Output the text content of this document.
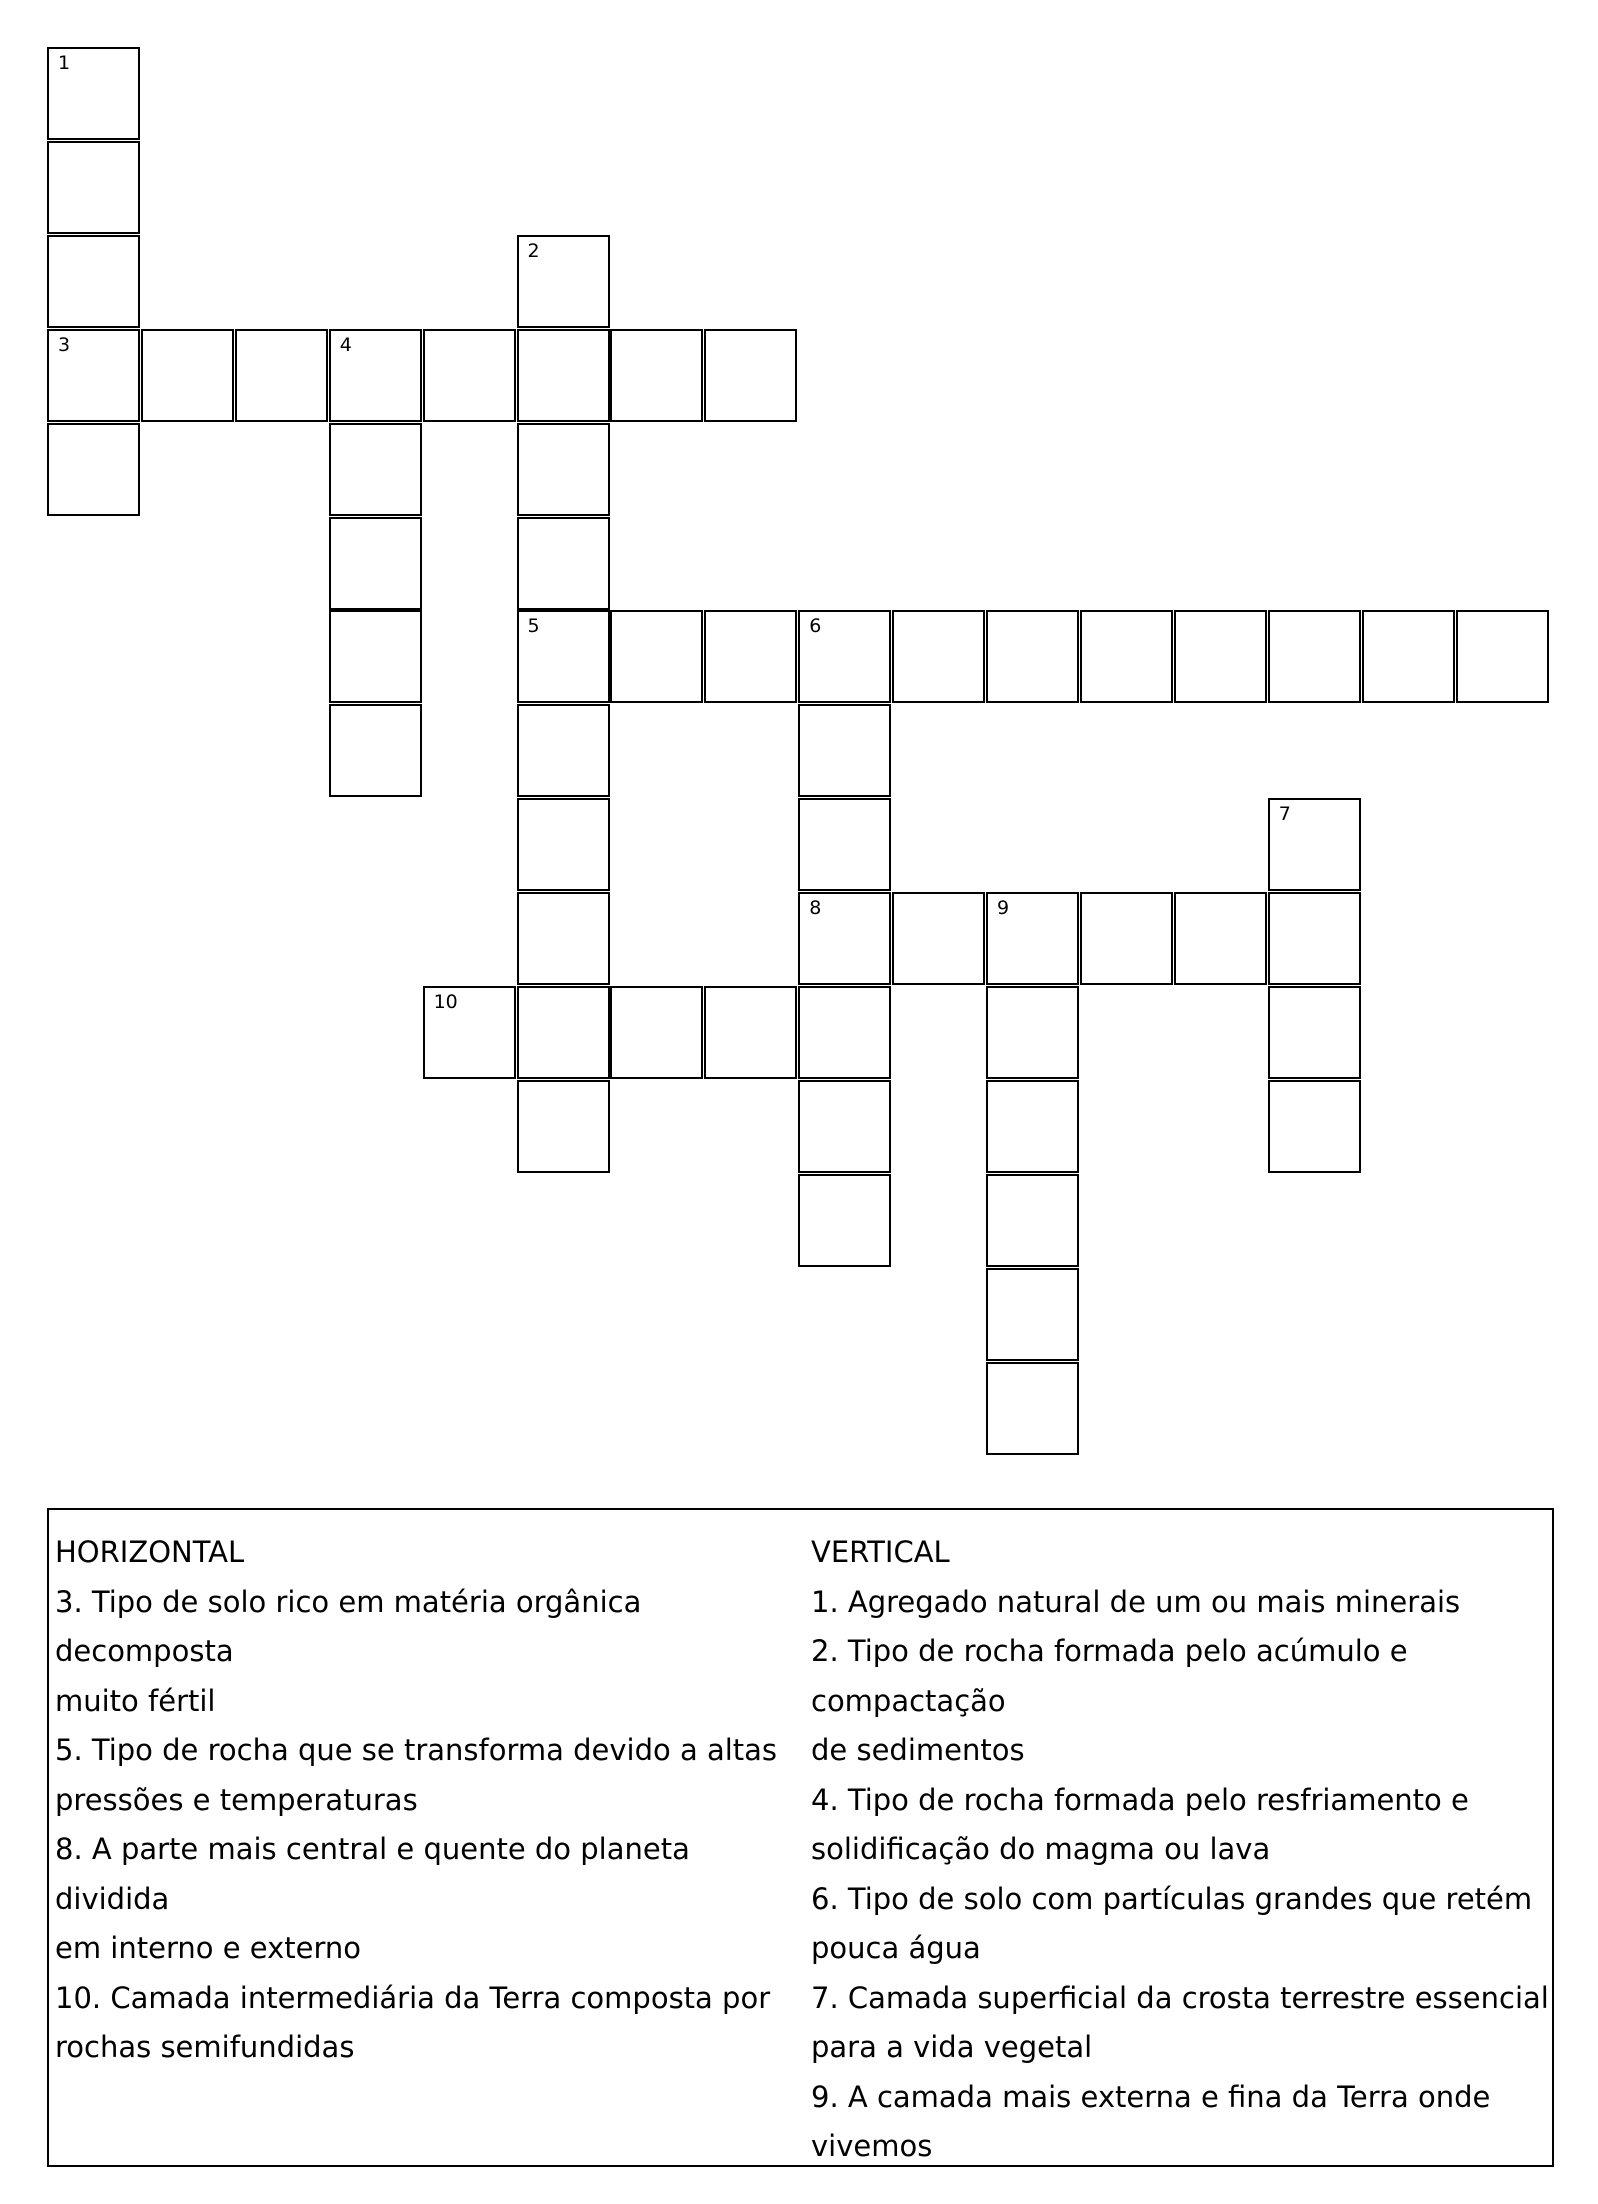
1
3
2
4
5	6
8
7
9
10

HORIZONTAL

3. Tipo de solo rico em matéria orgânica decomposta

muito fértil

5. Tipo de rocha que se transforma devido a altas

pressões e temperaturas

8. A parte mais central e quente do planeta dividida

em interno e externo

10. Camada intermediária da Terra composta por

rochas semifundidas

VERTICAL

1. Agregado natural de um ou mais minerais

2. Tipo de rocha formada pelo acúmulo e compactação

de sedimentos

4. Tipo de rocha formada pelo resfriamento e

solidificação do magma ou lava

6. Tipo de solo com partículas grandes que retém

pouca água

7. Camada superficial da crosta terrestre essencial

para a vida vegetal

9. A camada mais externa e fina da Terra onde

vivemos
